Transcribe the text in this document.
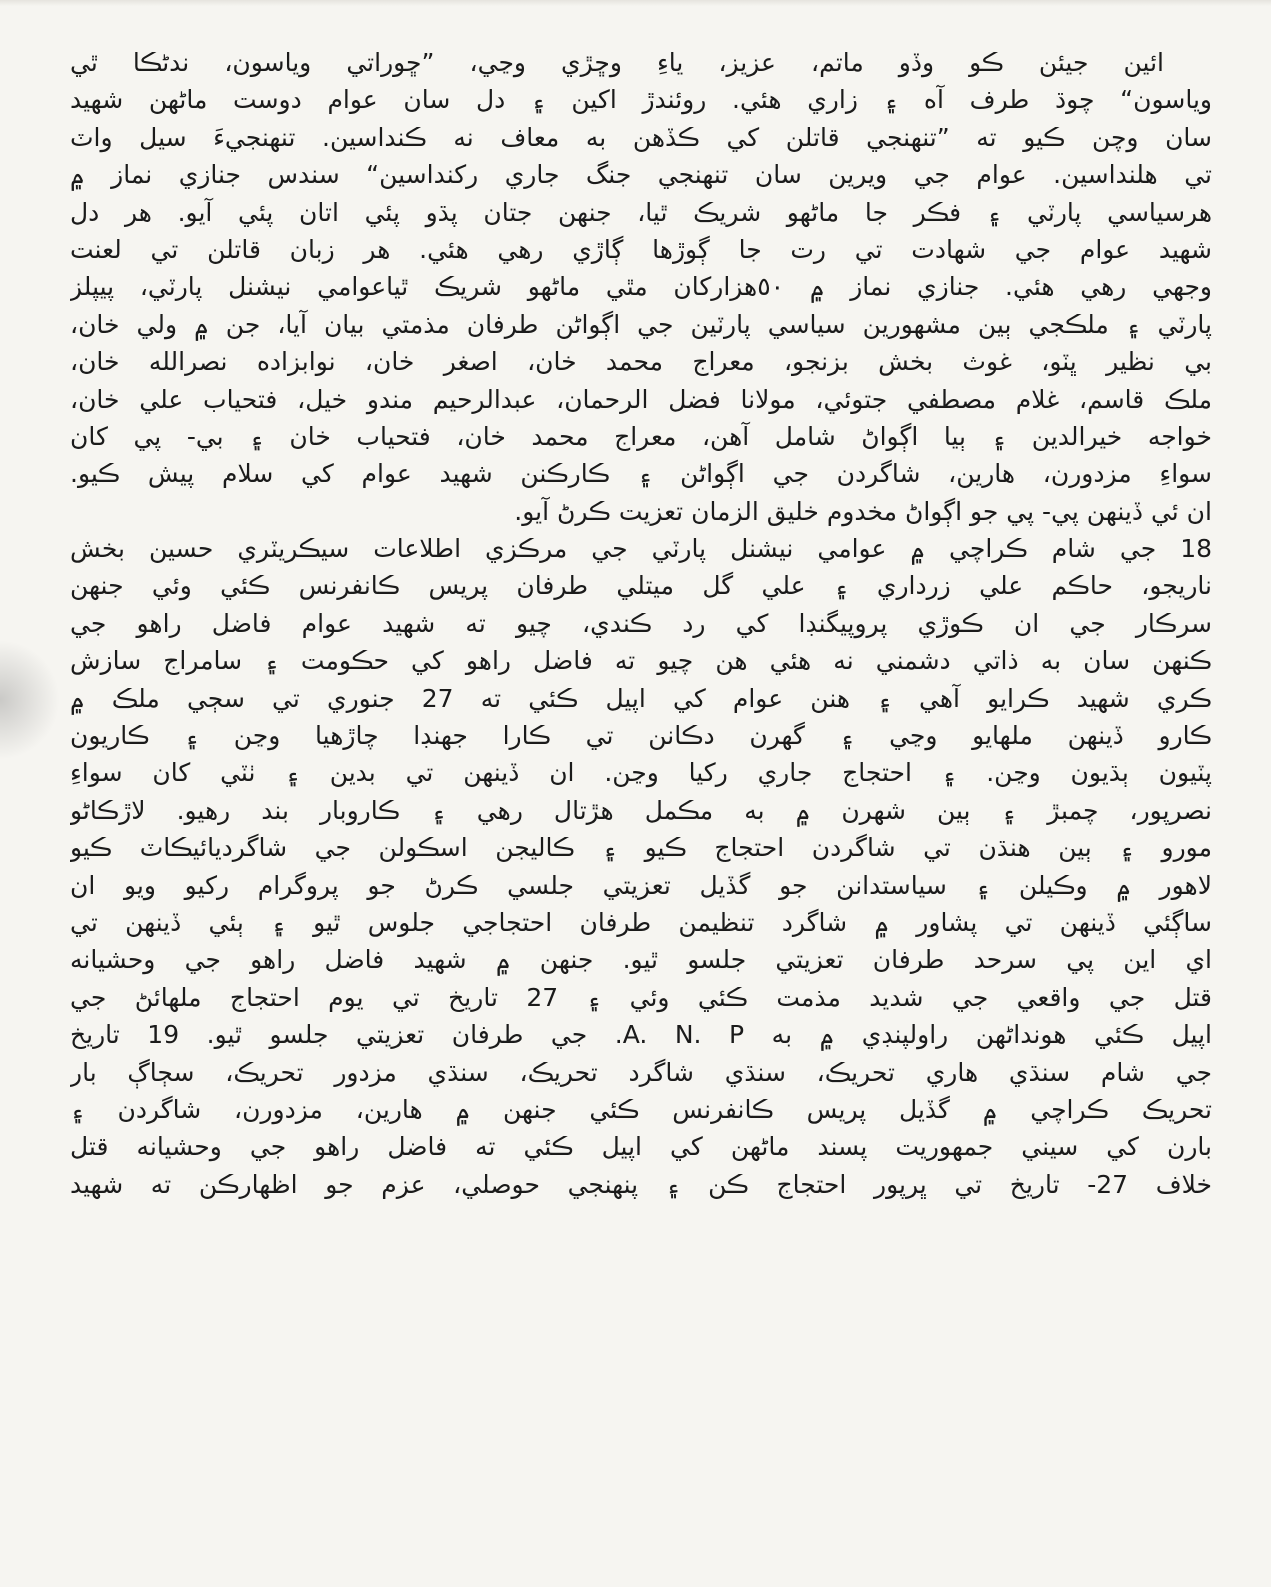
ائين جيئن ڪو وڏو ماتم، عزيز، ياءِ وڇڙي وڃي، ”ڇوراتي وياسون، ندڻڪا ٿي
وياسون“ چوڌ طرف آه ۽ زاري هئي. روئندڙ اکين ۽ دل سان عوام دوست ماڻهن شهيد
سان وچن ڪيو ته ”تنهنجي قاتلن کي ڪڏهن به معاف نه ڪنداسين. تنهنجيءَ سيل واٽ
تي هلنداسين. عوام جي ويرين سان تنهنجي جنگ جاري رکنداسين“ سندس جنازي نماز ۾
هرسياسي پارٽي ۽ فڪر جا ماڻهو شريڪ ٿيا، جنهن جتان پڌو پئي اتان پئي آيو. هر دل
شهيد عوام جي شهادت تي رت جا ڳوڙها ڳاڙي رهي هئي. هر زبان قاتلن تي لعنت
وجهي رهي هئي. جنازي نماز ۾ ٥٠هزارکان مٿي ماڻهو شريڪ ٿياعوامي نيشنل پارٽي، پيپلز
پارٽي ۽ ملڪجي ٻين مشهورين سياسي پارٽين جي اڳواڻن طرفان مذمتي بيان آيا، جن ۾ ولي خان،
بي نظير ڀٽو، غوث بخش بزنجو، معراج محمد خان، اصغر خان، نوابزاده نصرالله خان،
ملڪ قاسم، غلام مصطفي جتوئي، مولانا فضل الرحمان، عبدالرحيم مندو خيل، فتحياب علي خان،
خواجه خيرالدين ۽ ٻيا اڳواڻ شامل آهن، معراج محمد خان، فتحياب خان ۽ بي- پي کان
سواءِ مزدورن، هارين، شاگردن جي اڳواڻن ۽ ڪارڪنن شهيد عوام کي سلام پيش ڪيو.
ان ئي ڏينهن پي- پي جو اڳواڻ مخدوم خليق الزمان تعزيت ڪرڻ آيو.
18 جي شام ڪراچي ۾ عوامي نيشنل پارٽي جي مرڪزي اطلاعات سيڪريٽري حسين بخش
ناريجو، حاڪم علي زرداري ۽ علي گل ميتلي طرفان پريس ڪانفرنس ڪئي وئي جنهن
سرڪار جي ان ڪوڙي پروپيگنڊا کي رد ڪندي، چيو ته شهيد عوام فاضل راهو جي
ڪنهن سان به ذاتي دشمني نه هئي هن چيو ته فاضل راهو کي حڪومت ۽ سامراج سازش
ڪري شهيد ڪرايو آهي ۽ هنن عوام کي اپيل ڪئي ته 27 جنوري تي سڄي ملڪ ۾
ڪارو ڏينهن ملهايو وڃي ۽ گهرن دڪانن تي ڪارا جهنڊا چاڙهيا وڃن ۽ ڪاريون
پٽيون ٻڌيون وڃن. ۽ احتجاج جاري رکيا وڃن. ان ڏينهن تي بدين ۽ ٺٽي کان سواءِ
نصرپور، چمبڙ ۽ ٻين شهرن ۾ به مڪمل هڙتال رهي ۽ ڪاروبار بند رهيو. لاڙڪاڻو
مورو ۽ ٻين هنڌن تي شاگردن احتجاج ڪيو ۽ ڪاليجن اسڪولن جي شاگرديائيڪاٽ ڪيو
لاهور ۾ وڪيلن ۽ سياستدانن جو گڏيل تعزيتي جلسي ڪرڻ جو پروگرام رکيو ويو ان
ساڳئي ڏينهن تي پشاور ۾ شاگرد تنظيمن طرفان احتجاجي جلوس ٿيو ۽ ٻئي ڏينهن تي
اي اين پي سرحد طرفان تعزيتي جلسو ٿيو. جنهن ۾ شهيد فاضل راهو جي وحشيانه
قتل جي واقعي جي شديد مذمت ڪئي وئي ۽ 27 تاريخ تي يوم احتجاج ملهائڻ جي
اپيل ڪئي هونداڻهن راولپنڊي ۾ به A. N. P. جي طرفان تعزيتي جلسو ٿيو. 19 تاريخ
جي شام سنڌي هاري تحريڪ، سنڌي شاگرد تحريڪ، سنڌي مزدور تحريڪ، سڄاڳ بار
تحريڪ ڪراچي ۾ گڏيل پريس ڪانفرنس ڪئي جنهن ۾ هارين، مزدورن، شاگردن ۽
بارن کي سيني جمهوريت پسند ماڻهن کي اپيل ڪئي ته فاضل راهو جي وحشيانه قتل
خلاف 27- تاريخ تي ڀرپور احتجاج ڪن ۽ پنهنجي حوصلي، عزم جو اظهارڪن ته شهيد
